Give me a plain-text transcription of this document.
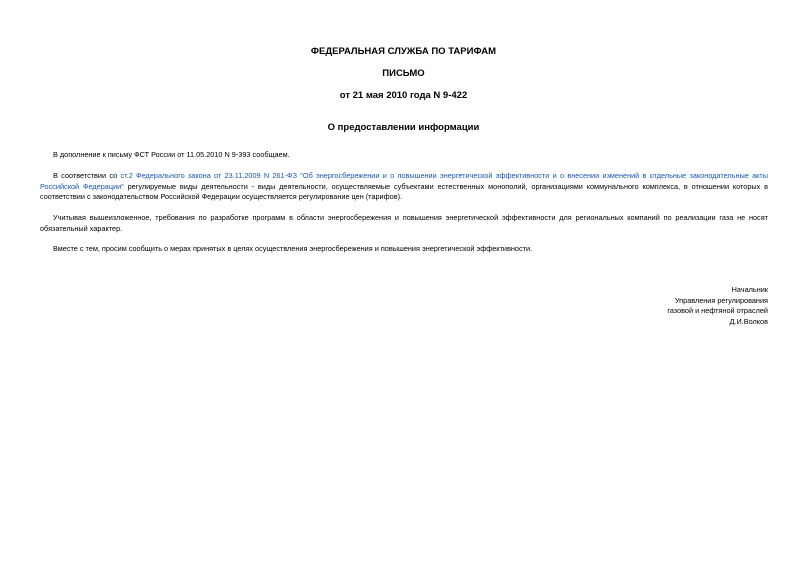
ФЕДЕРАЛЬНАЯ СЛУЖБА ПО ТАРИФАМ

ПИСЬМО

от 21 мая 2010 года N 9-422

О предоставлении информации

В дополнение к письму ФСТ России от 11.05.2010 N 9-393 сообщаем.

В соответствии со ст.2 Федерального закона от 23.11.2009 N 261-ФЗ "Об энергосбережении и о повышении энергетической эффективности и о внесении изменений в отдельные законодательные акты Российской Федерации" регулируемые виды деятельности - виды деятельности, осуществляемые субъектами естественных монополий, организациями коммунального комплекса, в отношении которых в соответствии с законодательством Российской Федерации осуществляется регулирование цен (тарифов).

Учитывая вышеизложенное, требования по разработке программ в области энергосбережения и повышения энергетической эффективности для региональных компаний по реализации газа не носят обязательный характер.

Вместе с тем, просим сообщить о мерах принятых в целях осуществления энергосбережения и повышения энергетической эффективности.

Начальник
Управления регулирования
газовой и нефтяной отраслей
Д.И.Волков
